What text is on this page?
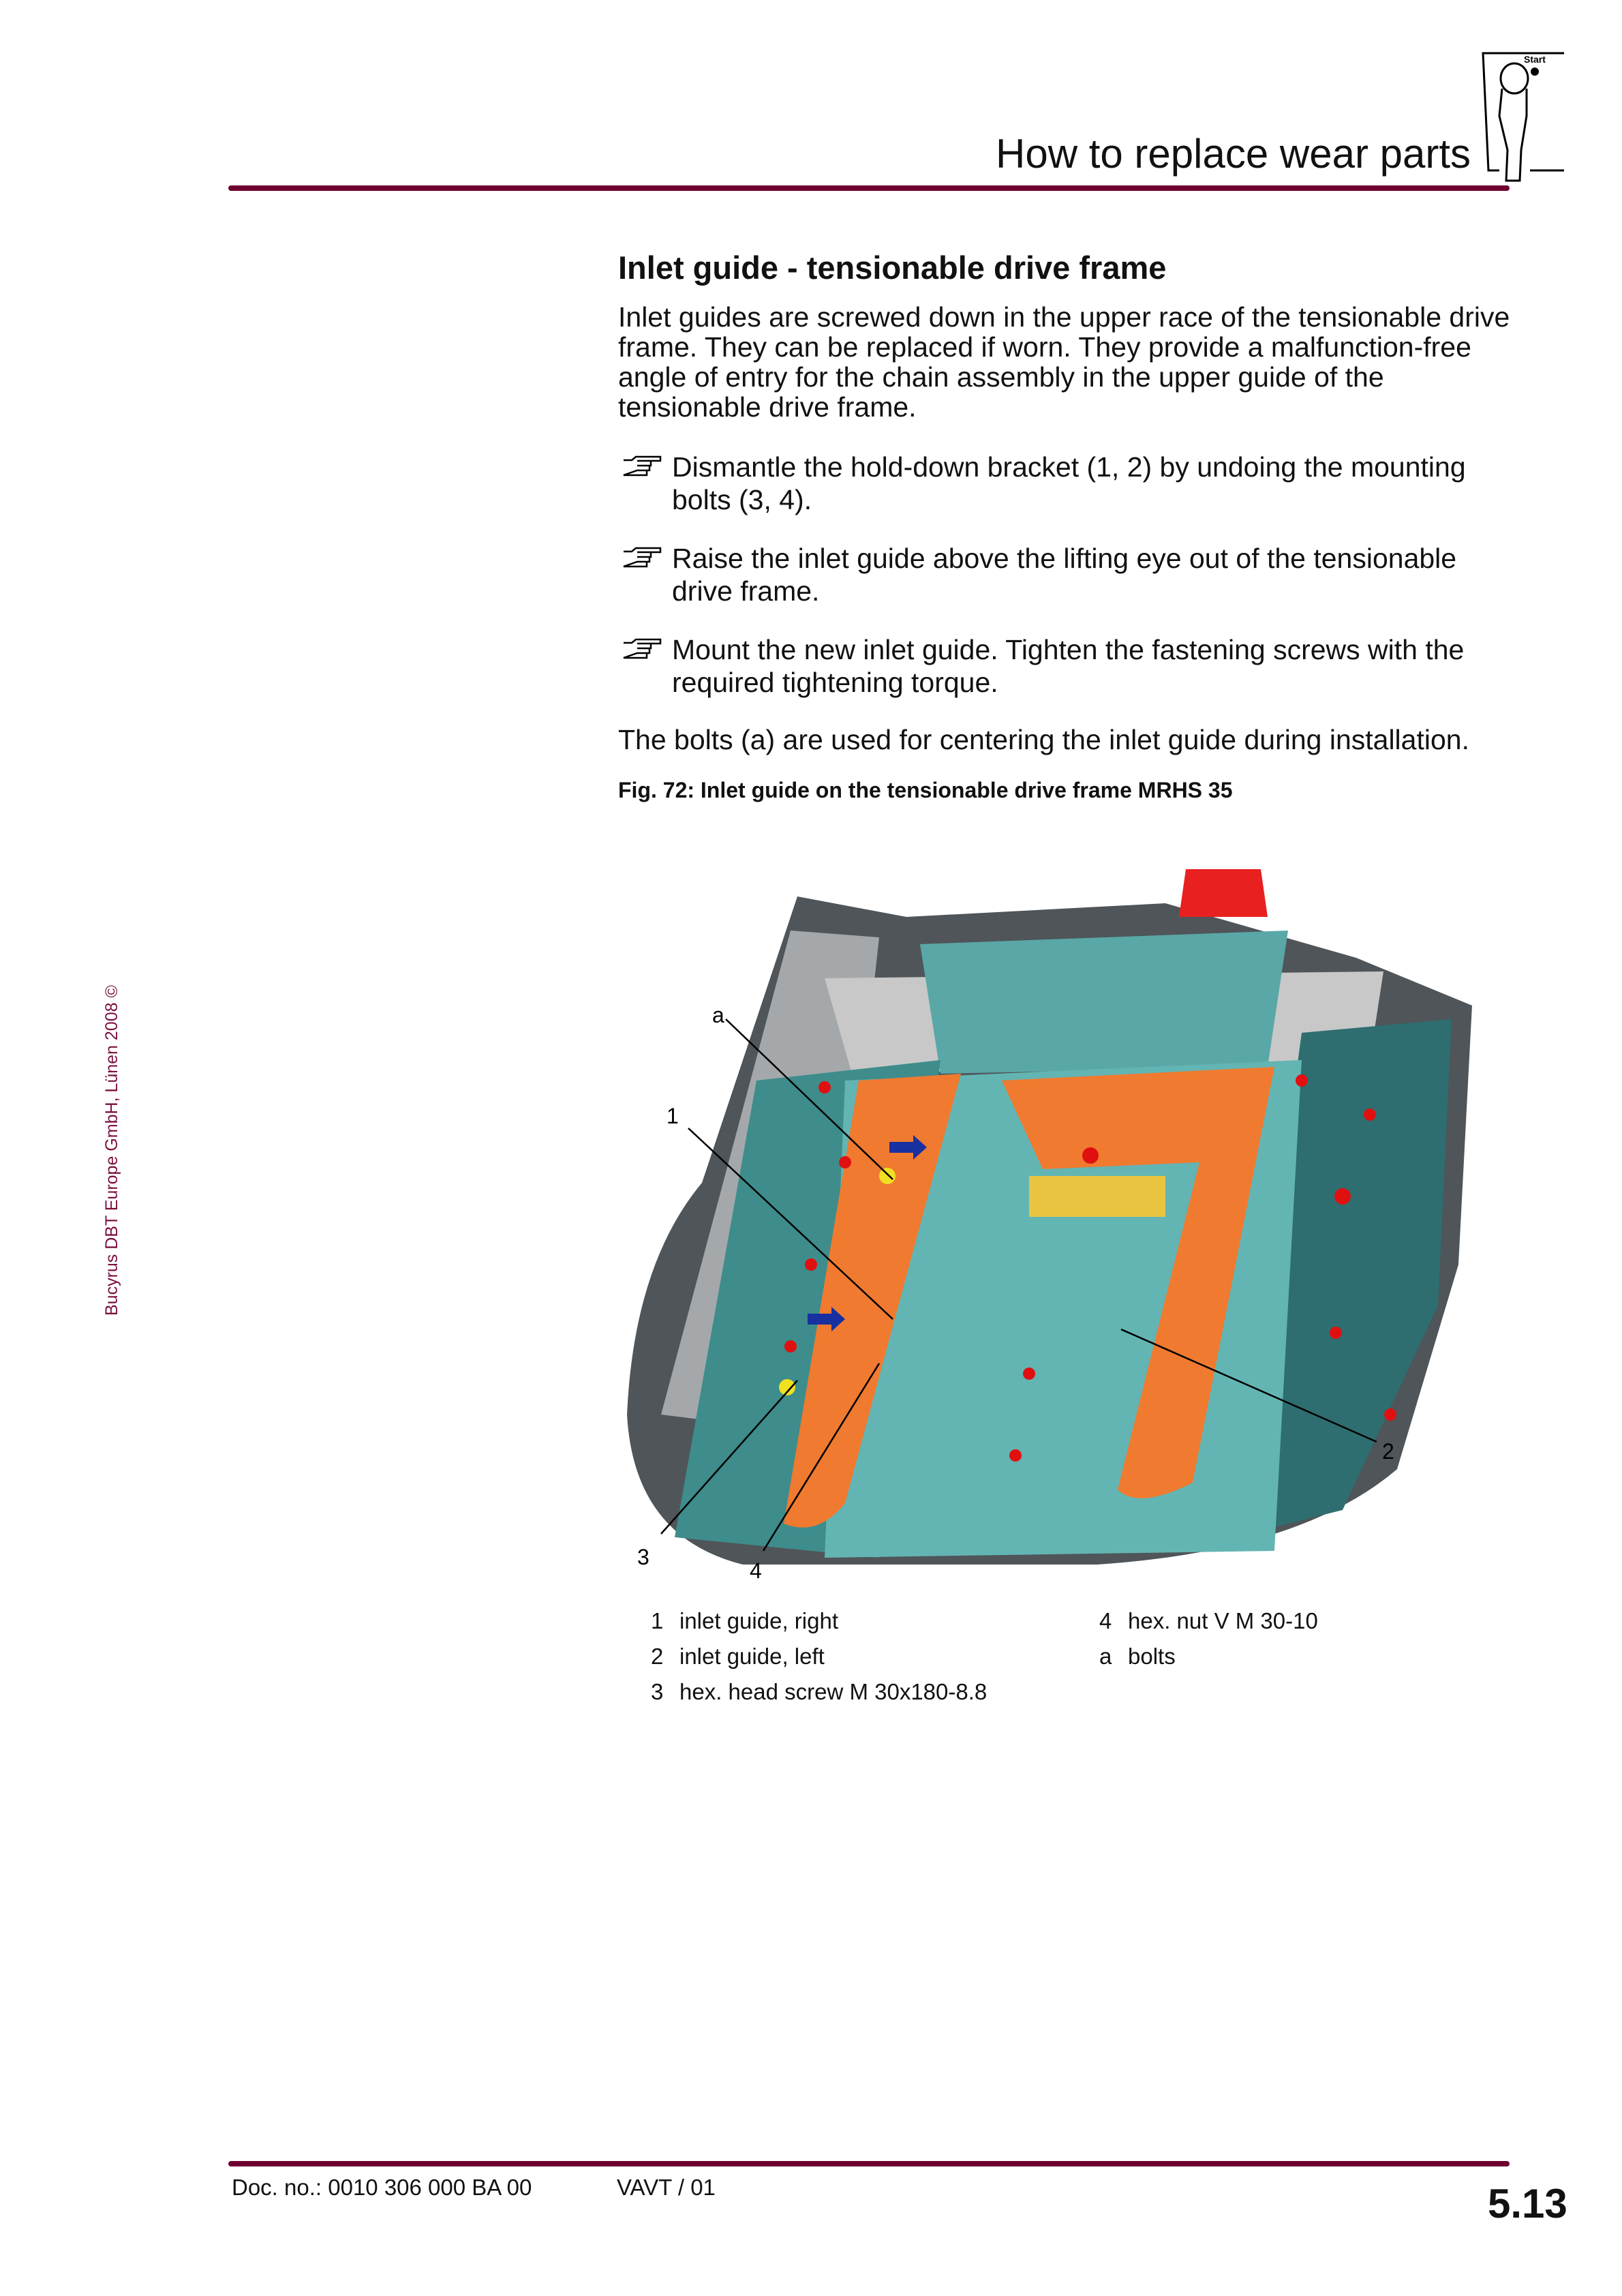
How to replace wear parts
Start
Bucyrus DBT Europe GmbH, Lünen 2008 ©
Inlet guide - tensionable drive frame

Inlet guides are screwed down in the upper race of the tensionable drive frame. They can be replaced if worn. They provide a malfunction-free angle of entry for the chain assembly in the upper guide of the tensionable drive frame.

Dismantle the hold-down bracket (1, 2) by undoing the mounting bolts (3, 4).
Raise the inlet guide above the lifting eye out of the tensionable drive frame.
Mount the new inlet guide. Tighten the fastening screws with the required tightening torque.

The bolts (a) are used for centering the inlet guide during installation.

Fig. 72: Inlet guide on the tensionable drive frame MRHS 35

a
1
2
3
4
1 inlet guide, right
2 inlet guide, left
3 hex. head screw M 30x180-8.8
4 hex. nut V M 30-10
a bolts
Doc. no.: 0010 306 000 BA 00	VAVT / 01	5.13
